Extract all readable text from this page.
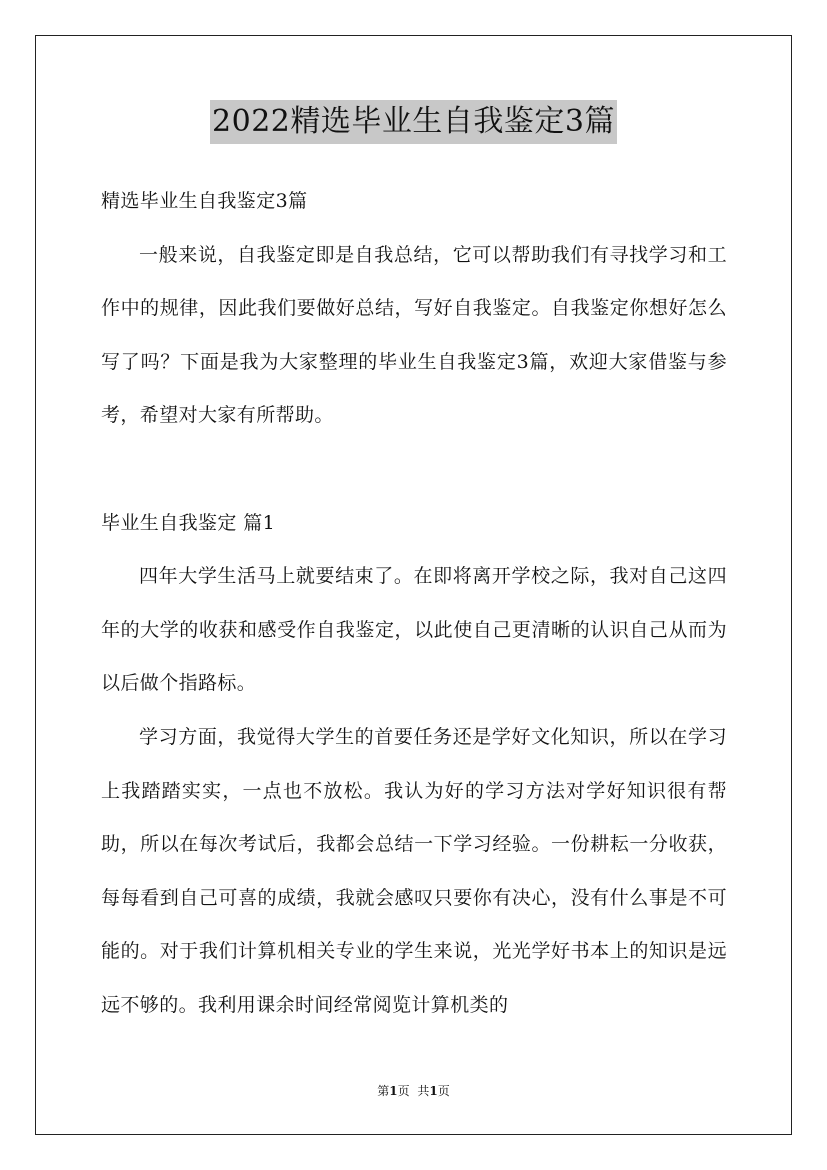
2022精选毕业生自我鉴定3篇

精选毕业生自我鉴定3篇

一般来说，自我鉴定即是自我总结，它可以帮助我们有寻找学习和工作中的规律，因此我们要做好总结，写好自我鉴定。自我鉴定你想好怎么写了吗？下面是我为大家整理的毕业生自我鉴定3篇，欢迎大家借鉴与参考，希望对大家有所帮助。

毕业生自我鉴定 篇1

四年大学生活马上就要结束了。在即将离开学校之际，我对自己这四年的大学的收获和感受作自我鉴定，以此使自己更清晰的认识自己从而为以后做个指路标。

学习方面，我觉得大学生的首要任务还是学好文化知识，所以在学习上我踏踏实实，一点也不放松。我认为好的学习方法对学好知识很有帮助，所以在每次考试后，我都会总结一下学习经验。一份耕耘一分收获，每每看到自己可喜的成绩，我就会感叹只要你有决心，没有什么事是不可能的。对于我们计算机相关专业的学生来说，光光学好书本上的知识是远远不够的。我利用课余时间经常阅览计算机类的

第1页 共1页
